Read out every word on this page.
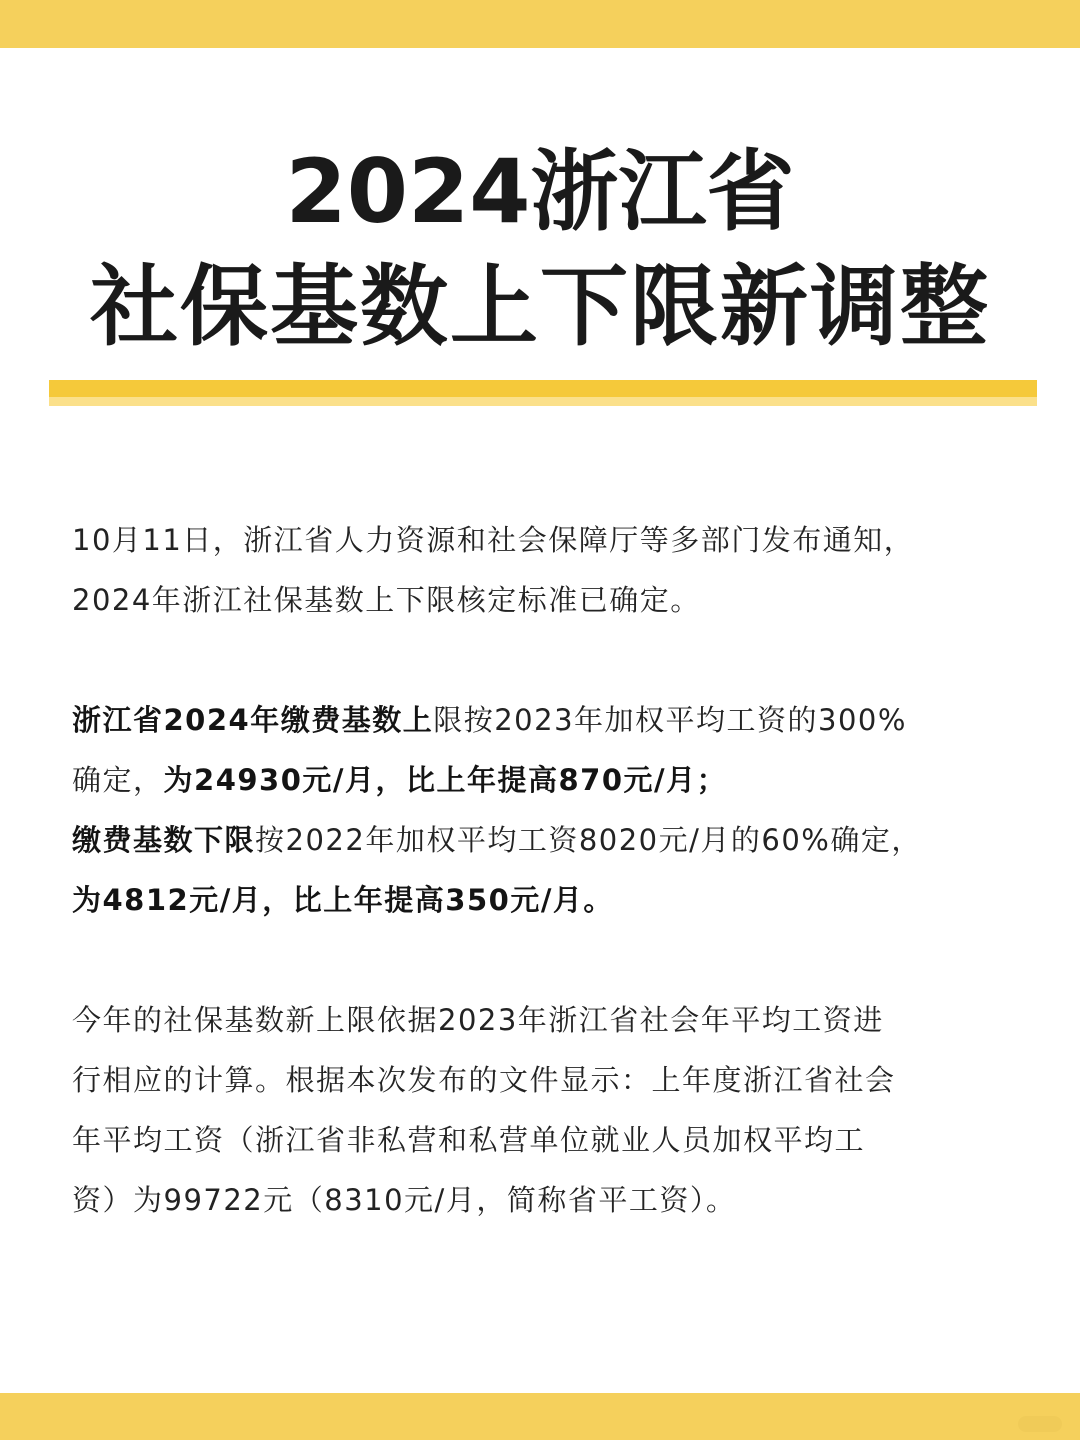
2024浙江省
社保基数上下限新调整

10月11日，浙江省人力资源和社会保障厅等多部门发布通知，
2024年浙江社保基数上下限核定标准已确定。

浙江省2024年缴费基数上限按2023年加权平均工资的300%
确定，为24930元/月，比上年提高870元/月；
缴费基数下限按2022年加权平均工资8020元/月的60%确定，
为4812元/月，比上年提高350元/月。

今年的社保基数新上限依据2023年浙江省社会年平均工资进
行相应的计算。根据本次发布的文件显示：上年度浙江省社会
年平均工资（浙江省非私营和私营单位就业人员加权平均工
资）为99722元（8310元/月，简称省平工资）。
